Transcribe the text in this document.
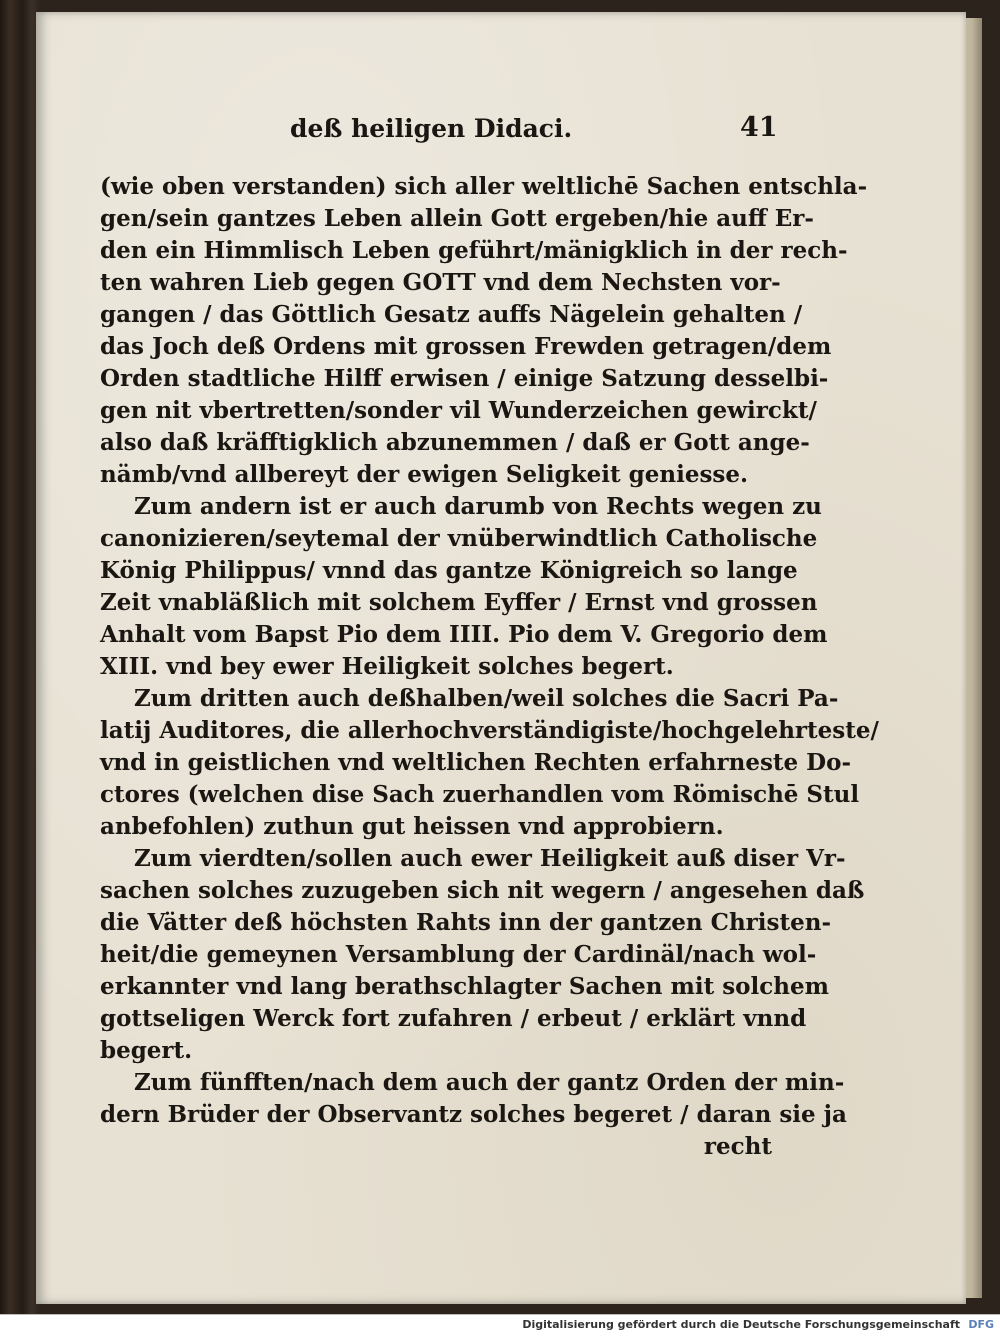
deß heiligen Didaci.	41
(wie oben verstanden) sich aller weltlichē Sachen entschla-
gen/sein gantzes Leben allein Gott ergeben/hie auff Er-
den ein Himmlisch Leben geführt/mänigklich in der rech-
ten wahren Lieb gegen GOTT vnd dem Nechsten vor-
gangen / das Göttlich Gesatz auffs Nägelein gehalten /
das Joch deß Ordens mit grossen Frewden getragen/dem
Orden stadtliche Hilff erwisen / einige Satzung desselbi-
gen nit vbertretten/sonder vil Wunderzeichen gewirckt/
also daß kräfftigklich abzunemmen / daß er Gott ange-
nämb/vnd allbereyt der ewigen Seligkeit geniesse.
Zum andern ist er auch darumb von Rechts wegen zu
canonizieren/seytemal der vnüberwindtlich Catholische
König Philippus/ vnnd das gantze Königreich so lange
Zeit vnabläßlich mit solchem Eyffer / Ernst vnd grossen
Anhalt vom Bapst Pio dem IIII. Pio dem V. Gregorio dem
XIII. vnd bey ewer Heiligkeit solches begert.
Zum dritten auch deßhalben/weil solches die Sacri Pa-
latij Auditores, die allerhochverständigiste/hochgelehrteste/
vnd in geistlichen vnd weltlichen Rechten erfahrneste Do-
ctores (welchen dise Sach zuerhandlen vom Römischē Stul
anbefohlen) zuthun gut heissen vnd approbiern.
Zum vierdten/sollen auch ewer Heiligkeit auß diser Vr-
sachen solches zuzugeben sich nit wegern / angesehen daß
die Vätter deß höchsten Rahts inn der gantzen Christen-
heit/die gemeynen Versamblung der Cardinäl/nach wol-
erkannter vnd lang berathschlagter Sachen mit solchem
gottseligen Werck fort zufahren / erbeut / erklärt vnnd
begert.
Zum fünfften/nach dem auch der gantz Orden der min-
dern Brüder der Observantz solches begeret / daran sie ja
recht
Digitalisierung gefördert durch die Deutsche Forschungsgemeinschaft DFG
